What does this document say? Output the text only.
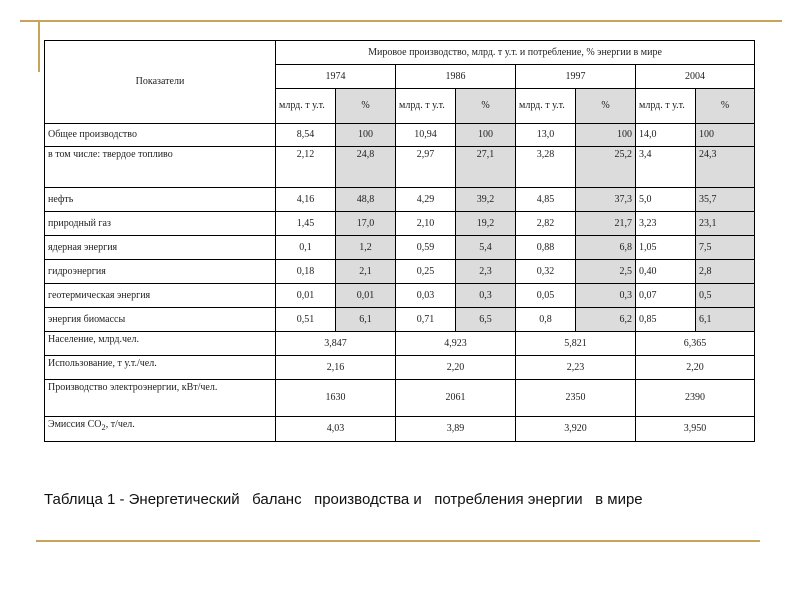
Показатели	Мировое производство, млрд. т у.т. и потребление, % энергии в мире							
	1974		1986		1997		2004	
	млрд. т у.т.	%	млрд. т у.т.	%	млрд. т у.т.	%	млрд. т у.т.	%
Общее производство	8,54	100	10,94	100	13,0	100	14,0	100
в том числе: твердое топливо	2,12	24,8	2,97	27,1	3,28	25,2	3,4	24,3
нефть	4,16	48,8	4,29	39,2	4,85	37,3	5,0	35,7
природный газ	1,45	17,0	2,10	19,2	2,82	21,7	3,23	23,1
ядерная энергия	0,1	1,2	0,59	5,4	0,88	6,8	1,05	7,5
гидроэнергия	0,18	2,1	0,25	2,3	0,32	2,5	0,40	2,8
геотермическая энергия	0,01	0,01	0,03	0,3	0,05	0,3	0,07	0,5
энергия биомассы	0,51	6,1	0,71	6,5	0,8	6,2	0,85	6,1
Население, млрд.чел.	3,847		4,923		5,821		6,365	
Использование, т у.т./чел.	2,16		2,20		2,23		2,20	
Производство электроэнергии, кВт/чел.	1630		2061		2350		2390	
Эмиссия $СО_2$, т/чел.	4,03		3,89		3,920		3,950	
Таблица 1 - Энергетический   баланс   производства и   потребления энергии   в мире
